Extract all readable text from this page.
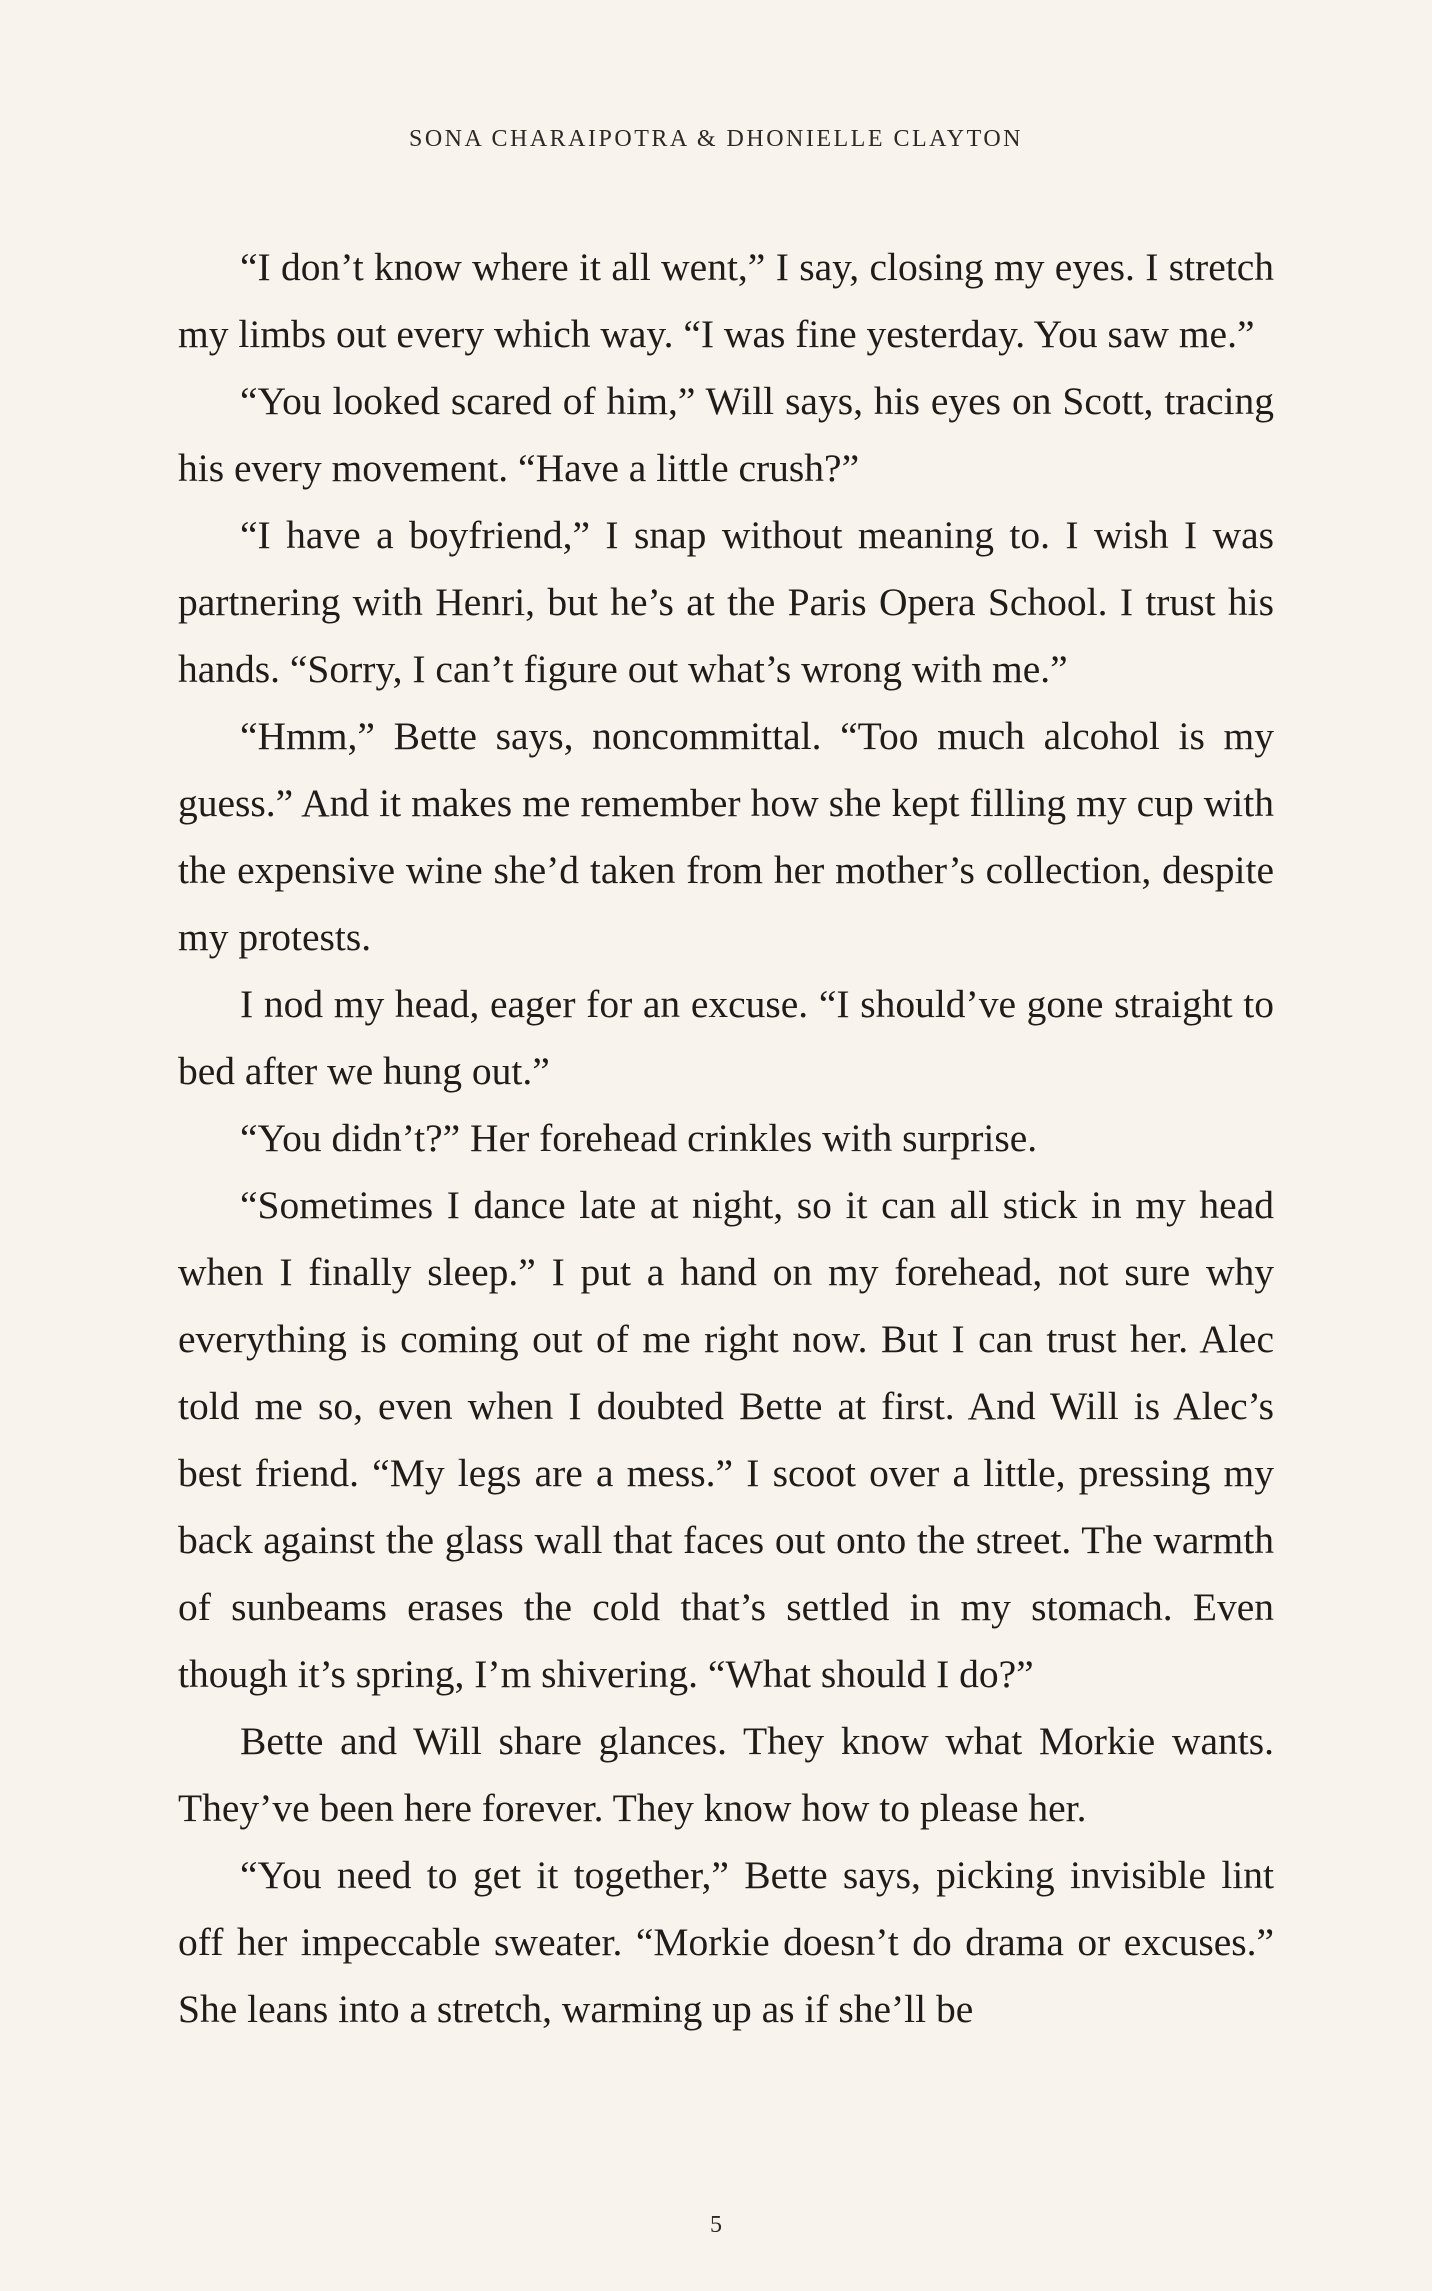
SONA CHARAIPOTRA & DHONIELLE CLAYTON

“I don’t know where it all went,” I say, closing my eyes. I stretch my limbs out every which way. “I was fine yesterday. You saw me.”

“You looked scared of him,” Will says, his eyes on Scott, tracing his every movement. “Have a little crush?”

“I have a boyfriend,” I snap without meaning to. I wish I was partnering with Henri, but he’s at the Paris Opera School. I trust his hands. “Sorry, I can’t figure out what’s wrong with me.”

“Hmm,” Bette says, noncommittal. “Too much alcohol is my guess.” And it makes me remember how she kept filling my cup with the expensive wine she’d taken from her mother’s collection, despite my protests.

I nod my head, eager for an excuse. “I should’ve gone straight to bed after we hung out.”

“You didn’t?” Her forehead crinkles with surprise.

“Sometimes I dance late at night, so it can all stick in my head when I finally sleep.” I put a hand on my forehead, not sure why everything is coming out of me right now. But I can trust her. Alec told me so, even when I doubted Bette at first. And Will is Alec’s best friend. “My legs are a mess.” I scoot over a little, pressing my back against the glass wall that faces out onto the street. The warmth of sunbeams erases the cold that’s settled in my stomach. Even though it’s spring, I’m shivering. “What should I do?”

Bette and Will share glances. They know what Morkie wants. They’ve been here forever. They know how to please her.

“You need to get it together,” Bette says, picking invisible lint off her impeccable sweater. “Morkie doesn’t do drama or excuses.” She leans into a stretch, warming up as if she’ll be

5
